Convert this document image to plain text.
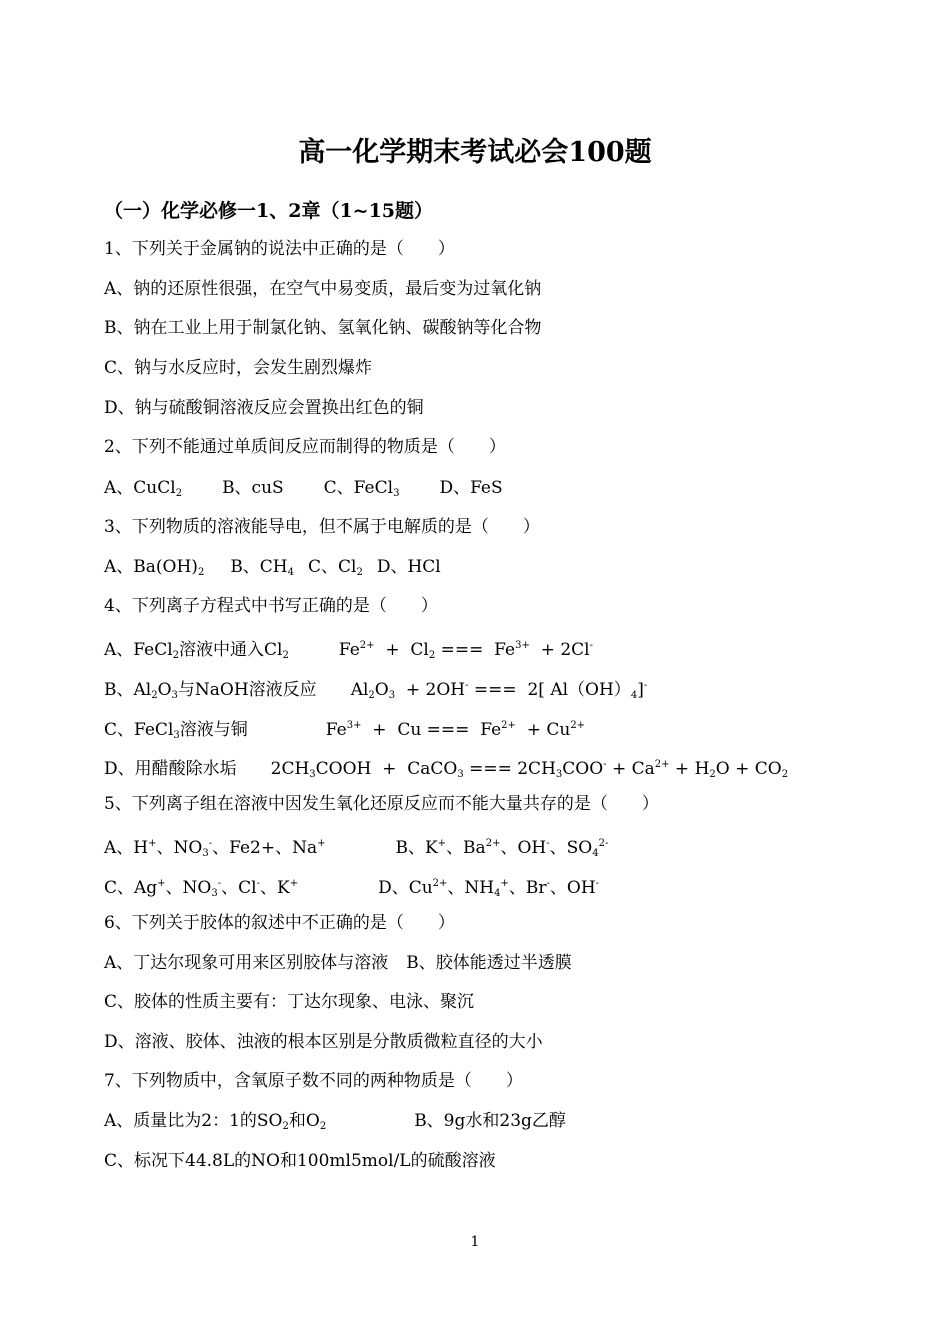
高一化学期末考试必会100题
（一）化学必修一1、2章（1~15题）
1、下列关于金属钠的说法中正确的是（　　）
A、钠的还原性很强，在空气中易变质，最后变为过氧化钠
B、钠在工业上用于制氯化钠、氢氧化钠、碳酸钠等化合物
C、钠与水反应时，会发生剧烈爆炸
D、钠与硫酸铜溶液反应会置换出红色的铜
2、下列不能通过单质间反应而制得的物质是（　　）
A、CuCl$_2$ B、cuS C、FeCl$_3$ D、FeS
3、下列物质的溶液能导电，但不属于电解质的是（　　）
A、$Ba(OH)_2$ B、$CH_4$ C、$Cl_2$ D、HCl
4、下列离子方程式中书写正确的是（　　）
A、FeCl$_2$溶液中通入$Cl_2$	$Fe^{2+} + Cl_2$ ===  $Fe^{3+} + 2Cl^-$
B、$Al_2O_3$与NaOH溶液反应 $Al_2O_3 + 2OH^-$ ===  2[ $Al(OH)_4]^-$
C、FeCl$_3$溶液与铜	$Fe^{3+} + Cu$ ===  $Fe^{2+} + Cu^{2+}$
D、用醋酸除水垢 $2CH_3COOH$  +  CaCO$_3$ === $2CH_3COO^- + Ca^{2+} + H_2O + CO_2$
5、下列离子组在溶液中因发生氧化还原反应而不能大量共存的是（　　）
A、H+、$NO_3^-$、Fe2+、Na+	B、K+、$Ba^{2+}$、OH-、$SO_4^{2-}$
C、Ag+、$NO_3^-$、Cl-、K+	D、$Cu^{2+}$、$NH_4^+$、Br-、OH-
6、下列关于胶体的叙述中不正确的是（　　）
A、丁达尔现象可用来区别胶体与溶液 B、胶体能透过半透膜
C、胶体的性质主要有：丁达尔现象、电泳、聚沉
D、溶液、胶体、浊液的根本区别是分散质微粒直径的大小
7、下列物质中，含氧原子数不同的两种物质是（　　）
A、质量比为2：1的$SO_2$和$O_2$	B、9g水和23g乙醇
C、标况下44.8L的NO和100ml5mol/L的硫酸溶液
1
